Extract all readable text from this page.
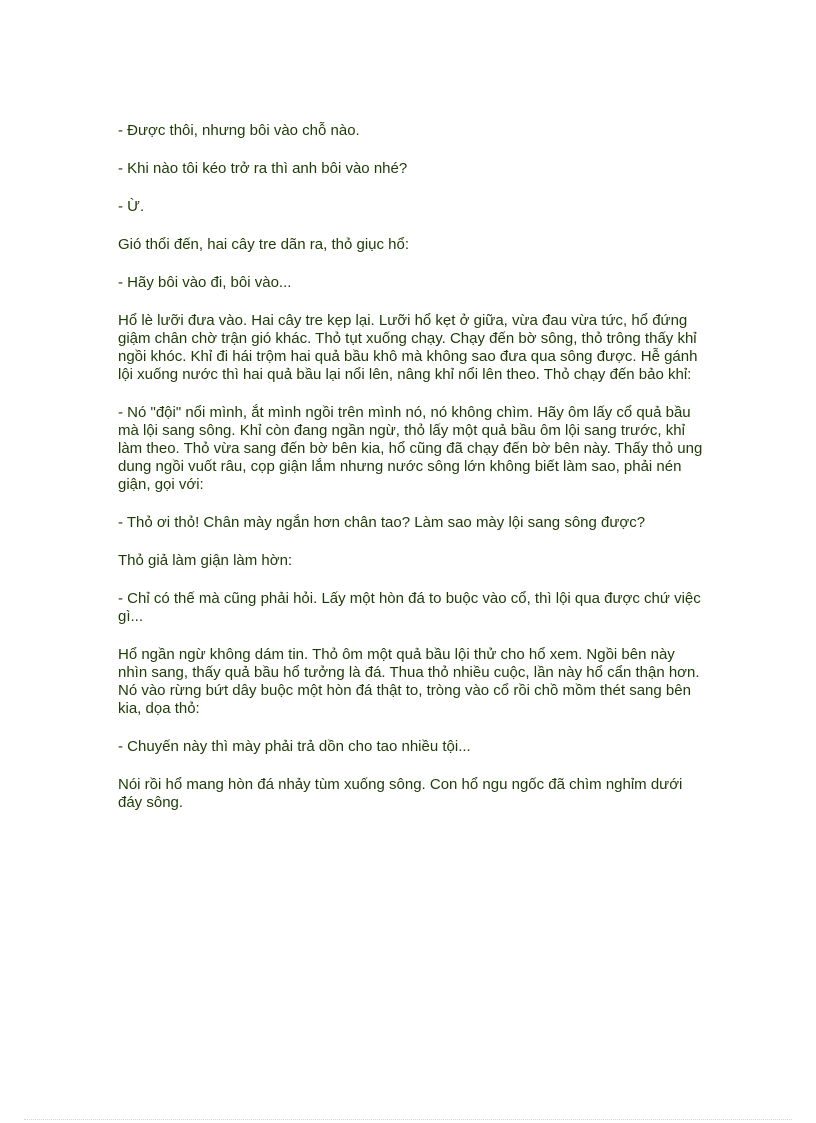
- Được thôi, nhưng bôi vào chỗ nào.

- Khi nào tôi kéo trở ra thì anh bôi vào nhé?

- Ừ.

Gió thổi đến, hai cây tre dãn ra, thỏ giục hổ:

- Hãy bôi vào đi, bôi vào...

Hổ lè lưỡi đưa vào. Hai cây tre kẹp lại. Lưỡi hổ kẹt ở giữa, vừa đau vừa tức, hổ đứng giậm chân chờ trận gió khác. Thỏ tụt xuống chạy. Chạy đến bờ sông, thỏ trông thấy khỉ ngồi khóc. Khỉ đi hái trộm hai quả bầu khô mà không sao đưa qua sông được. Hễ gánh lội xuống nước thì hai quả bầu lại nổi lên, nâng khỉ nổi lên theo. Thỏ chạy đến bảo khỉ:

- Nó "đội" nổi mình, ắt mình ngồi trên mình nó, nó không chìm. Hãy ôm lấy cổ quả bầu mà lội sang sông. Khỉ còn đang ngần ngừ, thỏ lấy một quả bầu ôm lội sang trước, khỉ làm theo. Thỏ vừa sang đến bờ bên kia, hổ cũng đã chạy đến bờ bên này. Thấy thỏ ung dung ngồi vuốt râu, cọp giận lắm nhưng nước sông lớn không biết làm sao, phải nén giận, gọi với:

- Thỏ ơi thỏ! Chân mày ngắn hơn chân tao? Làm sao mày lội sang sông được?

Thỏ giả làm giận làm hờn:

- Chỉ có thế mà cũng phải hỏi. Lấy một hòn đá to buộc vào cổ, thì lội qua được chứ việc gì...

Hổ ngần ngừ không dám tin. Thỏ ôm một quả bầu lội thử cho hổ xem. Ngồi bên này nhìn sang, thấy quả bầu hổ tưởng là đá. Thua thỏ nhiều cuộc, lần này hổ cẩn thận hơn. Nó vào rừng bứt dây buộc một hòn đá thật to, tròng vào cổ rồi chồ mồm thét sang bên kia, dọa thỏ:

- Chuyến này thì mày phải trả dồn cho tao nhiều tội...

Nói rồi hổ mang hòn đá nhảy tùm xuống sông. Con hổ ngu ngốc đã chìm nghỉm dưới đáy sông.
